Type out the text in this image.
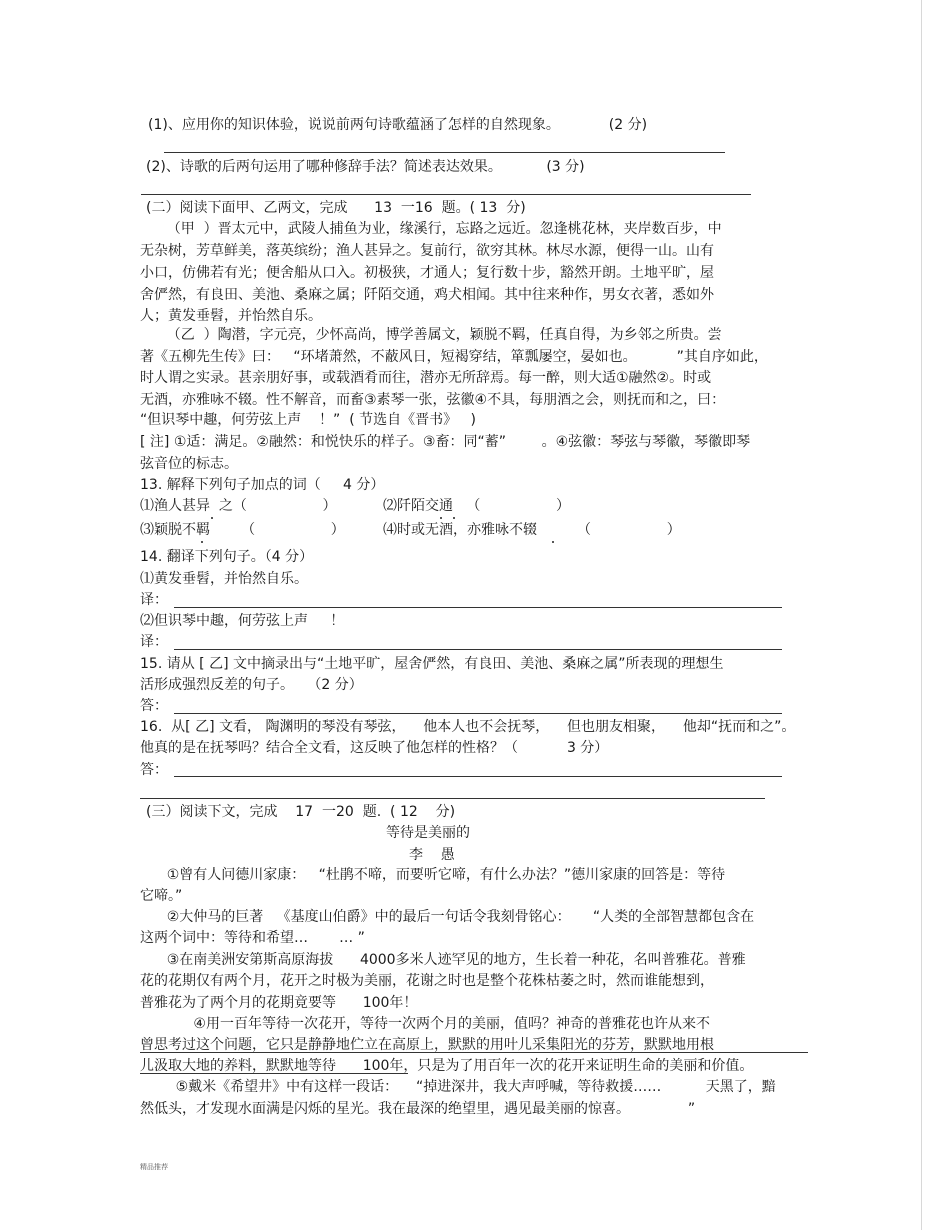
(1)、应用你的知识体验，说说前两句诗歌蕴涵了怎样的自然现象。           (2 分)
(2)、诗歌的后两句运用了哪种修辞手法？简述表达效果。          (3 分)
(二）阅读下面甲、乙两文，完成      13  一16  题。( 13  分)
（甲  ）晋太元中，武陵人捕鱼为业，缘溪行，忘路之远近。忽逢桃花林，夹岸数百步，中
无杂树，芳草鲜美，落英缤纷；渔人甚异之。复前行，欲穷其林。林尽水源，便得一山。山有
小口，仿佛若有光；便舍船从口入。初极狭，才通人；复行数十步，豁然开朗。土地平旷，屋
舍俨然，有良田、美池、桑麻之属；阡陌交通，鸡犬相闻。其中往来种作，男女衣著，悉如外
人；黄发垂髫，并怡然自乐。
（乙  ）陶潜，字元亮，少怀高尚，博学善属文，颖脱不羁，任真自得，为乡邻之所贵。尝
著《五柳先生传》曰：   “环堵萧然，不蔽风日，短褐穿结，箪瓢屡空，晏如也。         ”其自序如此，
时人谓之实录。甚亲朋好事，或载酒肴而往，潜亦无所辞焉。每一醉，则大适①融然②。时或
无酒，亦雅咏不辍。性不解音，而畜③素琴一张，弦徽④不具，每朋酒之会，则抚而和之，曰：
“但识琴中趣，何劳弦上声    ！”  ( 节选自《晋书》   )
[ 注] ①适：满足。②融然：和悦快乐的样子。③畜：同“蓄”        。④弦徽：琴弦与琴徽，琴徽即琴
弦音位的标志。
13. 解释下列句子加点的词（     4 分）
⑴渔人甚异  之（                 ）	⑵阡陌交通   （                 ）
⑶颖脱不羁       （                 ）	⑷时或无酒，亦雅咏不辍         （                 ）
14. 翻译下列句子。（4 分）
⑴黄发垂髫，并怡然自乐。
译：
⑵但识琴中趣，何劳弦上声     ！
译：
15. 请从 [ 乙] 文中摘录出与“土地平旷，屋舍俨然，有良田、美池、桑麻之属”所表现的理想生
活形成强烈反差的句子。   （2 分）
答：
16.  从[ 乙] 文看， 陶渊明的琴没有琴弦，    他本人也不会抚琴，    但也朋友相聚，    他却“抚而和之”。
他真的是在抚琴吗？结合全文看，这反映了他怎样的性格？（           3 分）
答：
(三）阅读下文，完成    17  一20  题.  ( 12    分)
等待是美丽的
李    愚
①曾有人问德川家康：   “杜鹃不啼，而要听它啼，有什么办法？”德川家康的回答是：等待
它啼。”
②大仲马的巨著   《基度山伯爵》中的最后一句话令我刻骨铭心：     “人类的全部智慧都包含在
这两个词中：等待和希望…       … ”
③在南美洲安第斯高原海拔      4000多米人迹罕见的地方，生长着一种花，名叫普雅花。普雅
花的花期仅有两个月，花开之时极为美丽，花谢之时也是整个花株枯萎之时，然而谁能想到，
普雅花为了两个月的花期竟要等      100年！
④用一百年等待一次花开，等待一次两个月的美丽，值吗？神奇的普雅花也许从来不
曾思考过这个问题，它只是静静地伫立在高原上，默默的用叶儿采集阳光的芬芳，默默地用根
儿汲取大地的养料，默默地等待      100年，只是为了用百年一次的花开来证明生命的美丽和价值。
⑤戴米《希望井》中有这样一段话：    “掉进深井，我大声呼喊，等待救援……          天黑了，黯
然低头，才发现水面满是闪烁的星光。我在最深的绝望里，遇见最美丽的惊喜。             ”
精品推荐
